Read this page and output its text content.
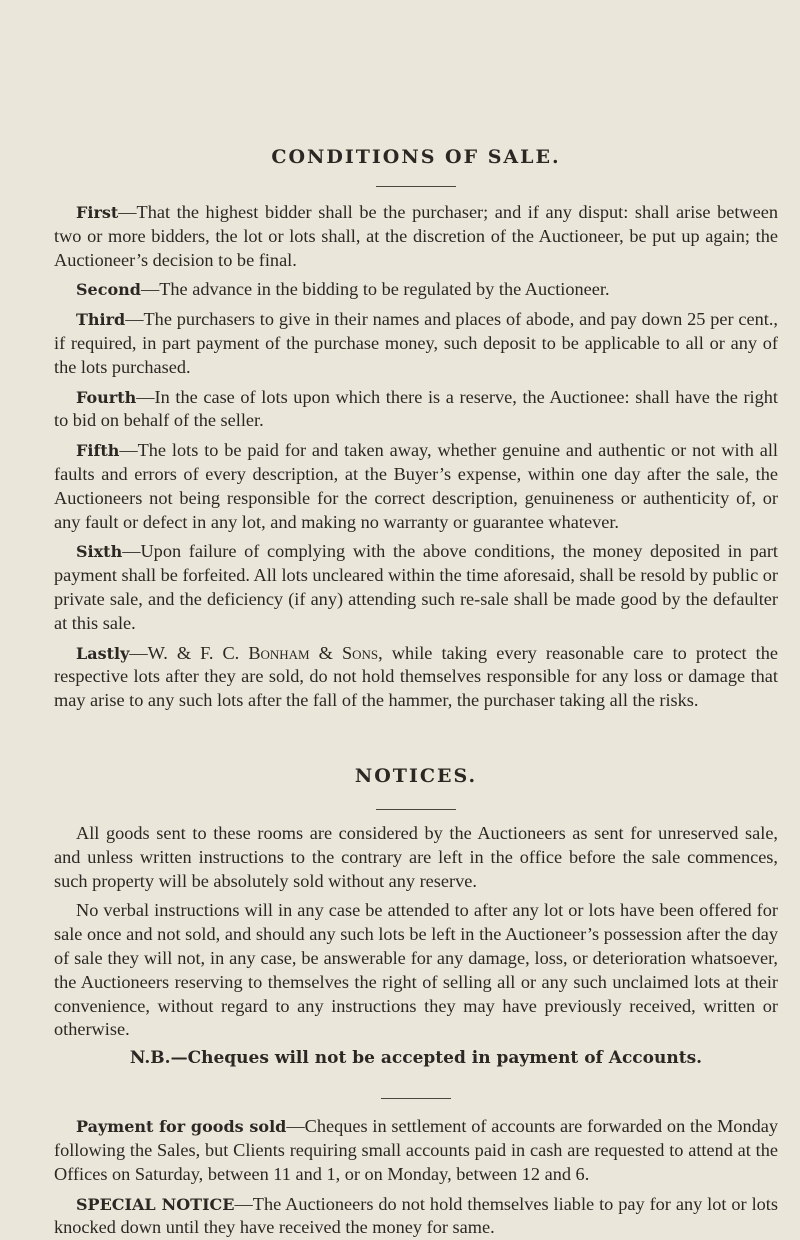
CONDITIONS OF SALE.

First—That the highest bidder shall be the purchaser; and if any disput: shall arise between two or more bidders, the lot or lots shall, at the discretion of the Auctioneer, be put up again; the Auctioneer’s decision to be final.

Second—The advance in the bidding to be regulated by the Auctioneer.

Third—The purchasers to give in their names and places of abode, and pay down 25 per cent., if required, in part payment of the purchase money, such deposit to be applicable to all or any of the lots purchased.

Fourth—In the case of lots upon which there is a reserve, the Auctionee: shall have the right to bid on behalf of the seller.

Fifth—The lots to be paid for and taken away, whether genuine and authentic or not with all faults and errors of every description, at the Buyer’s expense, within one day after the sale, the Auctioneers not being responsible for the correct description, genuineness or authenticity of, or any fault or defect in any lot, and making no warranty or guarantee whatever.

Sixth—Upon failure of complying with the above conditions, the money deposited in part payment shall be forfeited. All lots uncleared within the time aforesaid, shall be resold by public or private sale, and the deficiency (if any) attending such re-sale shall be made good by the defaulter at this sale.

Lastly—W. & F. C. Bonham & Sons, while taking every reasonable care to protect the respective lots after they are sold, do not hold themselves responsible for any loss or damage that may arise to any such lots after the fall of the hammer, the purchaser taking all the risks.

NOTICES.

All goods sent to these rooms are considered by the Auctioneers as sent for unreserved sale, and unless written instructions to the contrary are left in the office before the sale commences, such property will be absolutely sold without any reserve.

No verbal instructions will in any case be attended to after any lot or lots have been offered for sale once and not sold, and should any such lots be left in the Auctioneer’s possession after the day of sale they will not, in any case, be answerable for any damage, loss, or deterioration whatsoever, the Auctioneers reserving to themselves the right of selling all or any such unclaimed lots at their convenience, without regard to any instructions they may have previously received, written or otherwise.

N.B.—Cheques will not be accepted in payment of Accounts.

Payment for goods sold—Cheques in settlement of accounts are forwarded on the Monday following the Sales, but Clients requiring small accounts paid in cash are requested to attend at the Offices on Saturday, between 11 and 1, or on Monday, between 12 and 6.

SPECIAL NOTICE—The Auctioneers do not hold themselves liable to pay for any lot or lots knocked down until they have received the money for same.
